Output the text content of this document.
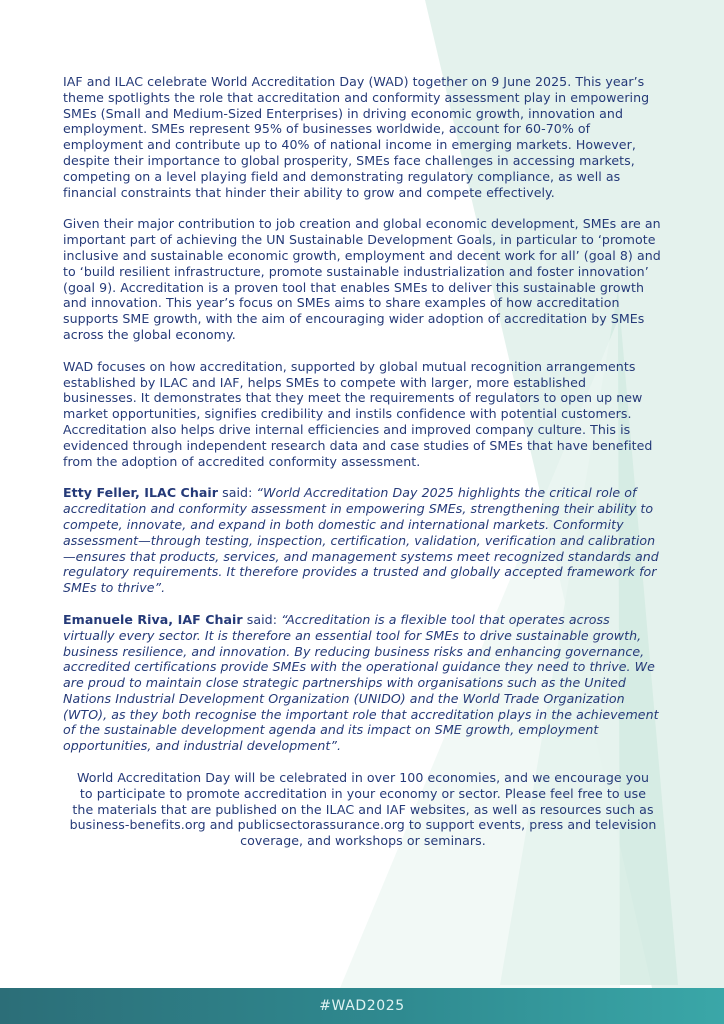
IAF and ILAC celebrate World Accreditation Day (WAD) together on 9 June 2025. This year’s theme spotlights the role that accreditation and conformity assessment play in empowering SMEs (Small and Medium-Sized Enterprises) in driving economic growth, innovation and employment. SMEs represent 95% of businesses worldwide, account for 60-70% of employment and contribute up to 40% of national income in emerging markets. However, despite their importance to global prosperity, SMEs face challenges in accessing markets, competing on a level playing field and demonstrating regulatory compliance, as well as financial constraints that hinder their ability to grow and compete effectively.

Given their major contribution to job creation and global economic development, SMEs are an important part of achieving the UN Sustainable Development Goals, in particular to ‘promote inclusive and sustainable economic growth, employment and decent work for all’ (goal 8) and to ‘build resilient infrastructure, promote sustainable industrialization and foster innovation’ (goal 9). Accreditation is a proven tool that enables SMEs to deliver this sustainable growth and innovation. This year’s focus on SMEs aims to share examples of how accreditation supports SME growth, with the aim of encouraging wider adoption of accreditation by SMEs across the global economy.

WAD focuses on how accreditation, supported by global mutual recognition arrangements established by ILAC and IAF, helps SMEs to compete with larger, more established businesses. It demonstrates that they meet the requirements of regulators to open up new market opportunities, signifies credibility and instils confidence with potential customers. Accreditation also helps drive internal efficiencies and improved company culture. This is evidenced through independent research data and case studies of SMEs that have benefited from the adoption of accredited conformity assessment.

Etty Feller, ILAC Chair said: “World Accreditation Day 2025 highlights the critical role of accreditation and conformity assessment in empowering SMEs, strengthening their ability to compete, innovate, and expand in both domestic and international markets. Conformity assessment—through testing, inspection, certification, validation, verification and calibration—ensures that products, services, and management systems meet recognized standards and regulatory requirements. It therefore provides a trusted and globally accepted framework for SMEs to thrive”.

Emanuele Riva, IAF Chair said: “Accreditation is a flexible tool that operates across virtually every sector. It is therefore an essential tool for SMEs to drive sustainable growth, business resilience, and innovation. By reducing business risks and enhancing governance, accredited certifications provide SMEs with the operational guidance they need to thrive. We are proud to maintain close strategic partnerships with organisations such as the United Nations Industrial Development Organization (UNIDO) and the World Trade Organization (WTO), as they both recognise the important role that accreditation plays in the achievement of the sustainable development agenda and its impact on SME growth, employment opportunities, and industrial development”.

World Accreditation Day will be celebrated in over 100 economies, and we encourage you to participate to promote accreditation in your economy or sector. Please feel free to use the materials that are published on the ILAC and IAF websites, as well as resources such as business-benefits.org and publicsectorassurance.org to support events, press and television coverage, and workshops or seminars.

#WAD2025
